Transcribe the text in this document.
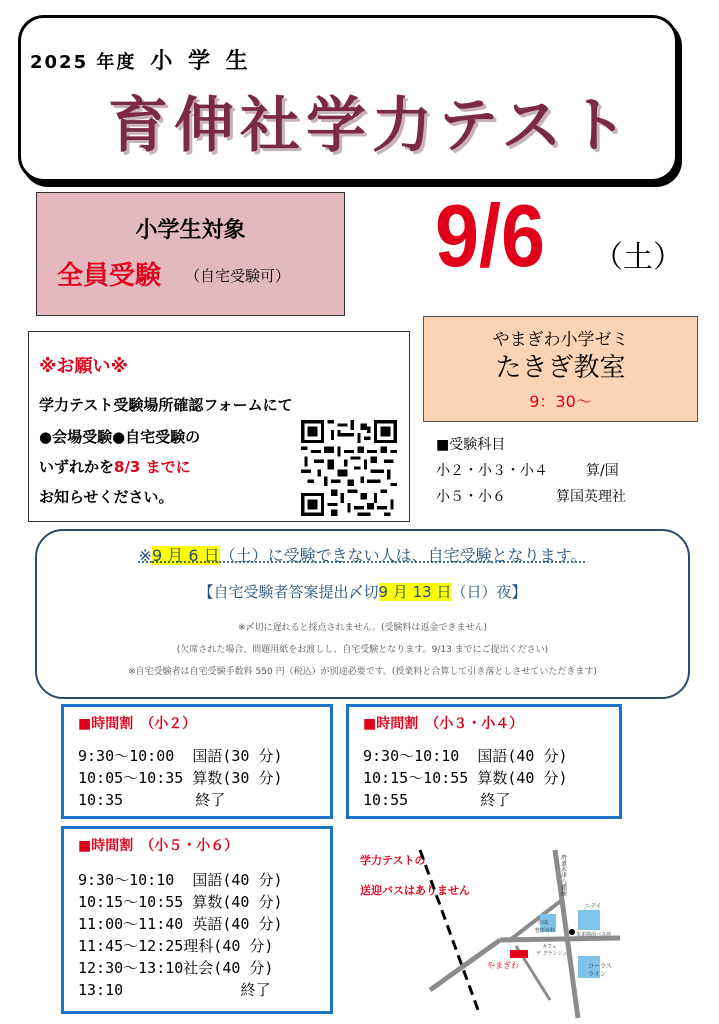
2025 年度 小 学 生
育伸社学力テスト
小学生対象
全員受験 （自宅受験可） 9/6 （土）
※お願い※
学力テスト受験場所確認フォームにて
●会場受験●自宅受験の
いずれかを8/3 までに
お知らせください。
やまぎわ小学ゼミ
たきぎ教室
9：30〜
■受験科目
小２・小３・小４	算/国
小５・小６	算国英理社
※9 月 6 日（土）に受験できない人は、自宅受験となります。
【自宅受験者答案提出〆切9 月 13 日（日）夜】
※〆切に遅れると採点されません。(受験料は返金できません)
(欠席された場合、問題用紙をお渡しし、自宅受験となります。9/13 までにご提出ください)
※自宅受験者は自宅受験手数料 550 円（税込）が別途必要です。(授業料と合算して引き落としさせていただきます)
■時間割　（小２）
9:30〜10:00  国語(30 分)
10:05〜10:35 算数(30 分)
10:35        終了
■時間割　（小３・小４）
9:30〜10:10  国語(40 分)
10:15〜10:55 算数(40 分)
10:55        終了
■時間割　（小５・小６）
9:30〜10:10  国語(40 分)
10:15〜10:55 算数(40 分)
11:00〜11:40 英語(40 分)
11:45〜12:25理科(40 分)
12:30〜13:10社会(40 分)
13:10             終了
学力テストの
送迎バスはありません	府道木津八幡線
ニデイ
朱雀園前バス停
川端
整形外科
カフェ
デ グランジュ
やまぎわ	コーラス
ライン
